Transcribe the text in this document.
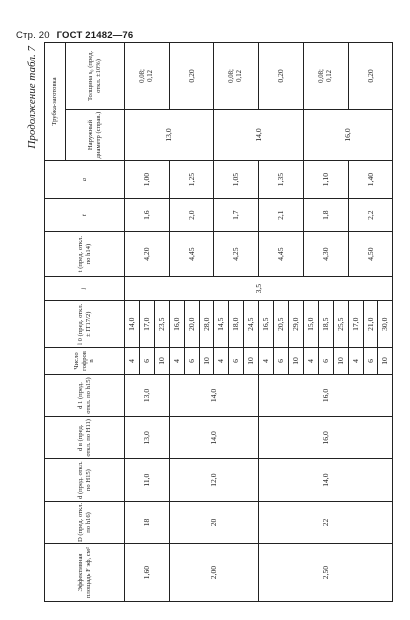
Стр. 20 ГОСТ 21482—76
Продолжение табл. 7
Эффективная площадь F эф, см²	D (пред. откл. по h16)	d (пред. откл. по H15)	d в (пред. откл. по H11)	d 1 (пред. откл. по h15)	Число гофров n	l 0 (пред. откл. ± IT17/2)	l	t (пред. откл. по h14)	t	a	Трубка-заготовка	
											Наружный диаметр (справ.)	Толщина s₀ (пред. откл. ±10%)
1,60	18	11,0	13,0	13,0	4	14,0	3,5	4,20	1,6	1,00	13,0	0,08;
0,12
					6	17,0						
					10	23,5						
2,00	20	12,0	14,0	14,0	4	16,0		4,45	2,0	1,25		0,20
					6	20,0						
					10	28,0						
					4	14,5		4,25	1,7	1,05	14,0	0,08;
0,12
					6	18,0						
					10	24,5						
2,50	22	14,0	16,0	16,0	4	16,5		4,45	2,1	1,35		0,20
					6	20,5						
					10	29,0						
					4	15,0		4,30	1,8	1,10	16,0	0,08;
0,12
					6	18,5						
					10	25,5						
					4	17,0		4,50	2,2	1,40		0,20
					6	21,0						
					10	30,0						
